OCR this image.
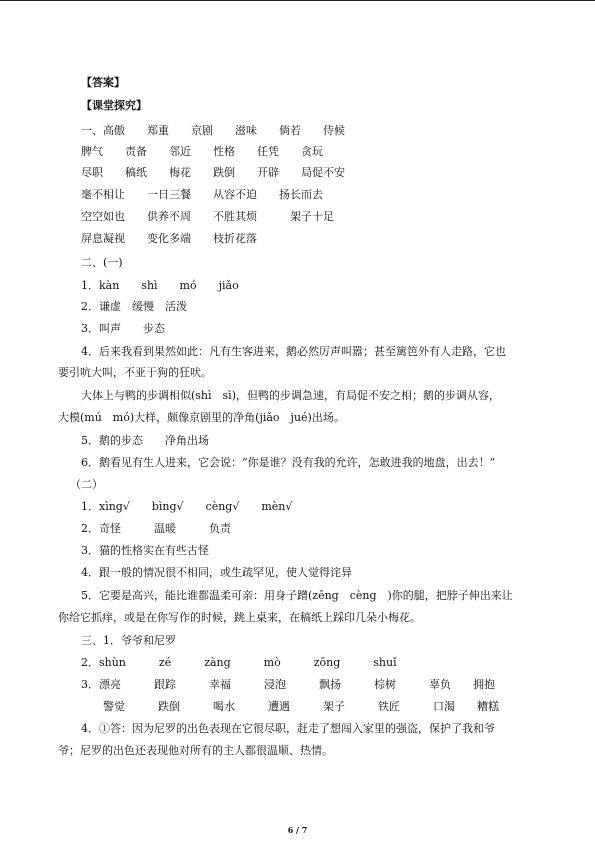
【答案】
【课堂探究】
一、高傲　　郑重　　京剧　　滋味　　倘若　　侍候
脾气　　责备　　邻近　　性格　　任凭　　贪玩
尽职　　稿纸　　梅花　　跌倒　　开辟　　局促不安
毫不相让　　一日三餐　　从容不迫　　扬长而去
空空如也　　供养不周　　不胜其烦　　　架子十足
屏息凝视　　变化多端　　枝折花落
二、(一)
1．kàn　　shì　　mó　　jiǎo
2．谦虚　缓慢　活泼
3．叫声　　步态
4．后来我看到果然如此：凡有生客进来，鹅必然厉声叫嚣；甚至篱笆外有人走路，它也
要引吭大叫，不亚于狗的狂吠。
大体上与鸭的步调相似(shì　sì)，但鸭的步调急速，有局促不安之相；鹅的步调从容，
大模(mú　mó)大样，颇像京剧里的净角(jiǎo　jué)出场。
5．鹅的步态　　净角出场
6．鹅看见有生人进来，它会说：“你是谁？没有我的允许，怎敢进我的地盘，出去！”
（二）
1．xìng√　　bìng√　　cèng√　　mèn√
2．奇怪　　　温暖　　　负责
3．猫的性格实在有些古怪
4．跟一般的情况很不相同，或生疏罕见，使人觉得诧异
5．它要是高兴，能比谁都温柔可亲：用身子蹭(zēng　cèng　)你的腿，把脖子伸出来让
你给它抓痒，或是在你写作的时候，跳上桌来，在稿纸上踩印几朵小梅花。
三、1．爷爷和尼罗
2．shùn　　　zé　　　zàng　　　mò　　　zōng　　　shuǐ
3．漂亮　　　跟踪　　　幸福　　　浸泡　　　飘扬　　　棕树　　　辜负　　拥抱
　　警觉　　　跌倒　　　喝水　　　遭遇　　　架子　　　铁匠　　　口渴　　糟糕
4．①答：因为尼罗的出色表现在它很尽职，赶走了想闯入家里的强盗，保护了我和爷
爷；尼罗的出色还表现他对所有的主人都很温顺、热情。
6 / 7
